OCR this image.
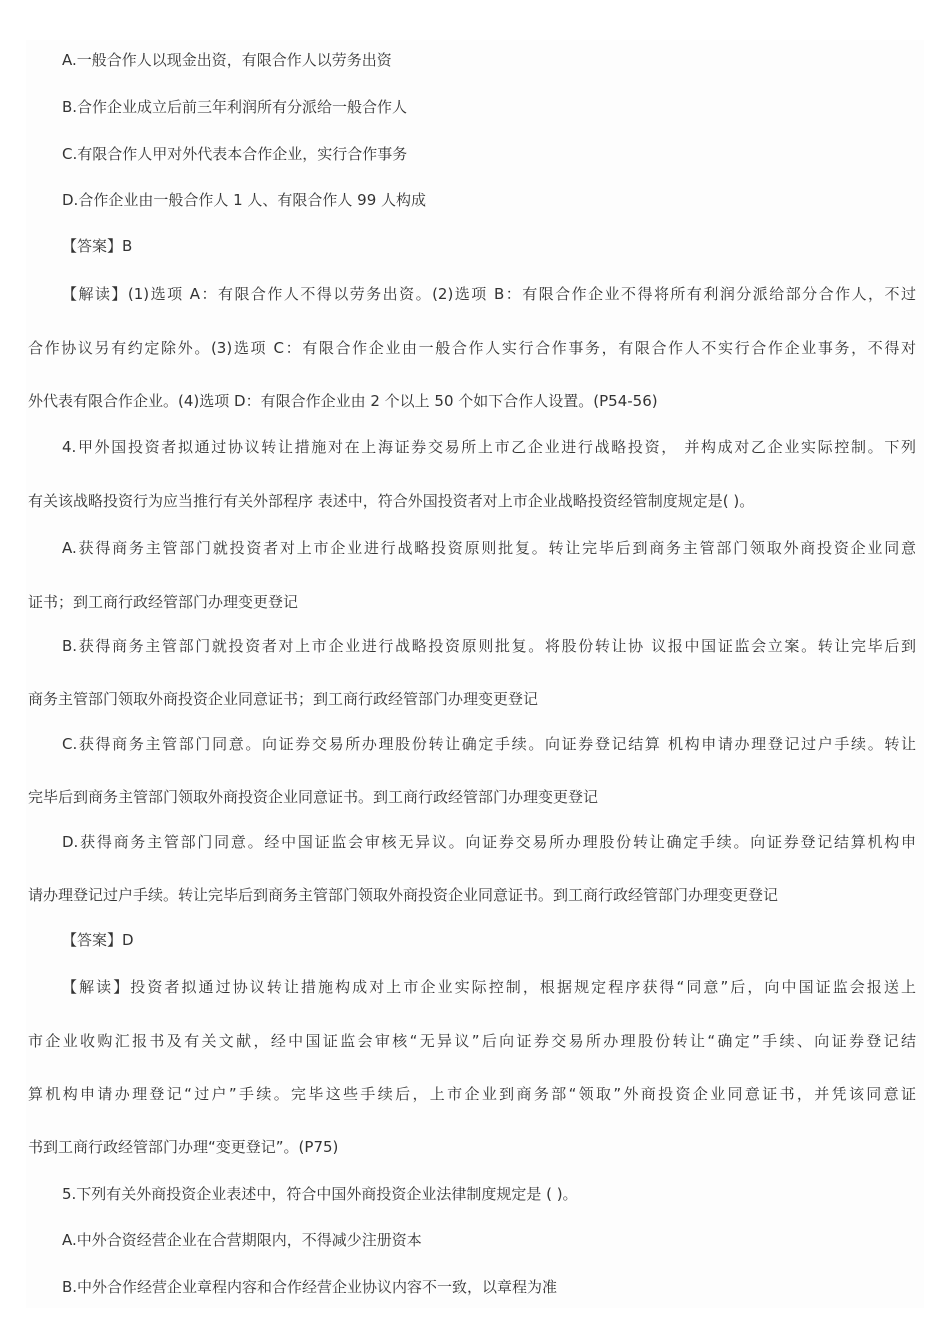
A.一般合作人以现金出资，有限合作人以劳务出资
B.合作企业成立后前三年利润所有分派给一般合作人
C.有限合作人甲对外代表本合作企业，实行合作事务
D.合作企业由一般合作人 1 人、有限合作人 99 人构成
【答案】B
【解读】(1)选项 A：有限合作人不得以劳务出资。(2)选项 B：有限合作企业不得将所有利润分派给部分合作人，不过
合作协议另有约定除外。(3)选项 C：有限合作企业由一般合作人实行合作事务，有限合作人不实行合作企业事务，不得对
外代表有限合作企业。(4)选项 D：有限合作企业由 2 个以上 50 个如下合作人设置。(P54-56)
4.甲外国投资者拟通过协议转让措施对在上海证券交易所上市乙企业进行战略投资， 并构成对乙企业实际控制。下列
有关该战略投资行为应当推行有关外部程序 表述中，符合外国投资者对上市企业战略投资经管制度规定是( )。
A.获得商务主管部门就投资者对上市企业进行战略投资原则批复。转让完毕后到商务主管部门领取外商投资企业同意
证书；到工商行政经管部门办理变更登记
B.获得商务主管部门就投资者对上市企业进行战略投资原则批复。将股份转让协 议报中国证监会立案。转让完毕后到
商务主管部门领取外商投资企业同意证书；到工商行政经管部门办理变更登记
C.获得商务主管部门同意。向证券交易所办理股份转让确定手续。向证券登记结算 机构申请办理登记过户手续。转让
完毕后到商务主管部门领取外商投资企业同意证书。到工商行政经管部门办理变更登记
D.获得商务主管部门同意。经中国证监会审核无异议。向证券交易所办理股份转让确定手续。向证券登记结算机构申
请办理登记过户手续。转让完毕后到商务主管部门领取外商投资企业同意证书。到工商行政经管部门办理变更登记
【答案】D
【解读】投资者拟通过协议转让措施构成对上市企业实际控制，根据规定程序获得“同意”后，向中国证监会报送上
市企业收购汇报书及有关文献，经中国证监会审核“无异议”后向证券交易所办理股份转让“确定”手续、向证券登记结
算机构申请办理登记“过户”手续。完毕这些手续后，上市企业到商务部“领取”外商投资企业同意证书，并凭该同意证
书到工商行政经管部门办理“变更登记”。(P75)
5.下列有关外商投资企业表述中，符合中国外商投资企业法律制度规定是 ( )。
A.中外合资经营企业在合营期限内，不得减少注册资本
B.中外合作经营企业章程内容和合作经营企业协议内容不一致，以章程为准
